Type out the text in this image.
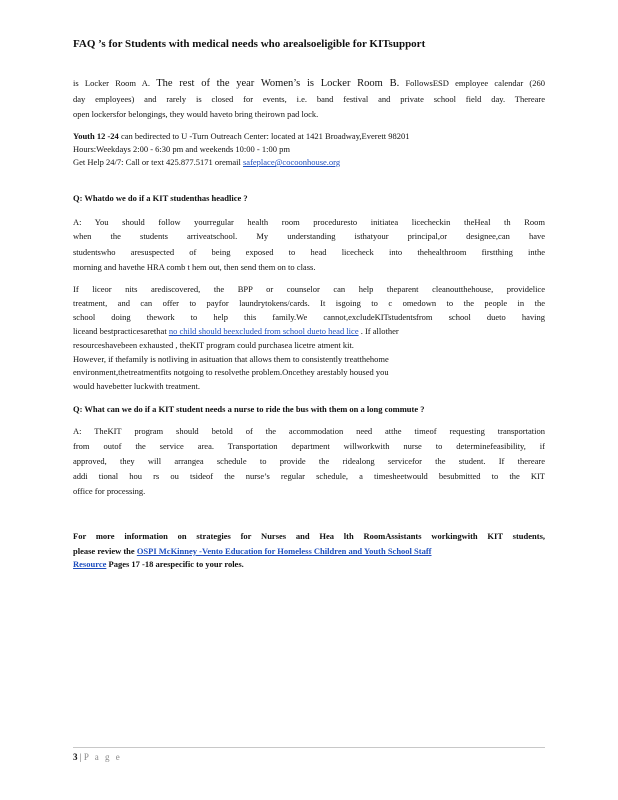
FAQ ’s for Students with medical needs who arealsoeligible for KITsupport
is Locker Room A. The rest of the year Women’s is Locker Room B. FollowsESD employee calendar (260
day employees) and rarely is closed for events, i.e. band festival and private school field day. Thereare
open lockersfor belongings, they would haveto bring theirown pad lock.
Youth 12 -24 can bedirected to U -Turn Outreach Center: located at 1421 Broadway,Everett 98201
Hours:Weekdays 2:00 - 6:30 pm and weekends 10:00 - 1:00 pm
Get Help 24/7: Call or text 425.877.5171 oremail safeplace@cocoonhouse.org
Q: Whatdo we do if a KIT studenthas headlice ?
A: You should follow yourregular health room proceduresto initiatea licecheckin theHeal th Room
when the students arriveatschool. My understanding isthatyour principal,or designee,can have
studentswho aresuspected of being exposed to head licecheck into thehealthroom firstthing inthe
morning and havethe HRA comb t hem out, then send them on to class.
If liceor nits arediscovered, the BPP or counselor can help theparent cleanoutthehouse, providelice
treatment, and can offer to payfor laundrytokens/cards. It isgoing to c omedown to the people in the
school doing thework to help this family.We cannot,excludeKITstudentsfrom school dueto having
liceand bestpracticesarethat no child should beexcluded from school dueto head lice . If allother
resourceshavebeen exhausted , theKIT program could purchasea licetre atment kit.
However, if thefamily is notliving in asituation that allows them to consistently treatthehome
environment,thetreatmentfits notgoing to resolvethe problem.Oncethey arestably housed you
would havebetter luckwith treatment.
Q: What can we do if a KIT student needs a nurse to ride the bus with them on a long commute ?
A: TheKIT program should betold of the accommodation need atthe timeof requesting transportation
from outof the service area. Transportation department willworkwith nurse to determinefeasibility, if
approved, they will arrangea schedule to provide the ridealong servicefor the student. If thereare
addi tional hou rs ou tsideof the nurse’s regular schedule, a timesheetwould besubmitted to the KIT
office for processing.
For more information on strategies for Nurses and Hea lth RoomAssistants workingwith KIT students,
please review the OSPI McKinney -Vento Education for Homeless Children and Youth School Staff
Resource Pages 17 -18 arespecific to your roles.
3 | P a g e
